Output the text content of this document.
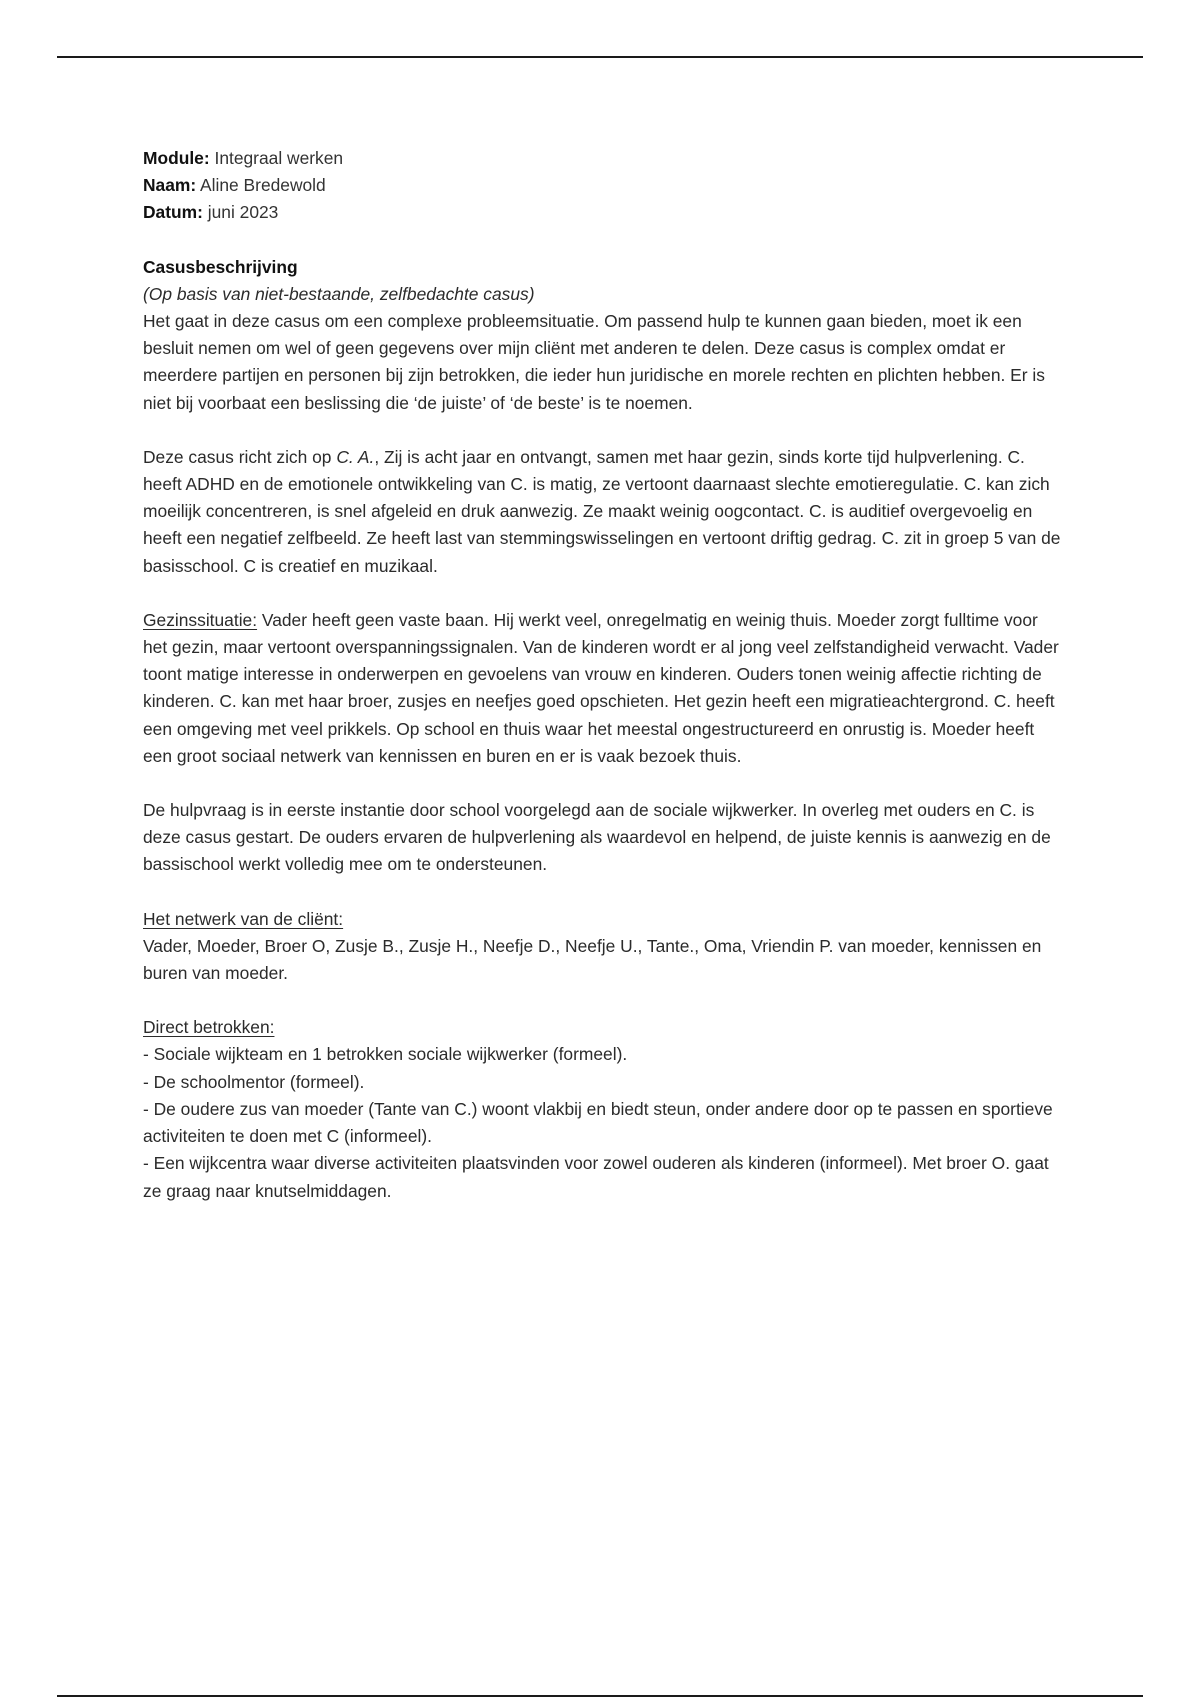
Module: Integraal werken

Naam: Aline Bredewold

Datum: juni 2023

Casusbeschrijving

(Op basis van niet-bestaande, zelfbedachte casus)

Het gaat in deze casus om een complexe probleemsituatie. Om passend hulp te kunnen gaan bieden, moet ik een besluit nemen om wel of geen gegevens over mijn cliënt met anderen te delen. Deze casus is complex omdat er meerdere partijen en personen bij zijn betrokken, die ieder hun juridische en morele rechten en plichten hebben. Er is niet bij voorbaat een beslissing die ‘de juiste’ of ‘de beste’ is te noemen.

Deze casus richt zich op C. A., Zij is acht jaar en ontvangt, samen met haar gezin, sinds korte tijd hulpverlening. C. heeft ADHD en de emotionele ontwikkeling van C. is matig, ze vertoont daarnaast slechte emotieregulatie. C. kan zich moeilijk concentreren, is snel afgeleid en druk aanwezig. Ze maakt weinig oogcontact. C. is auditief overgevoelig en heeft een negatief zelfbeeld. Ze heeft last van stemmingswisselingen en vertoont driftig gedrag. C. zit in groep 5 van de basisschool. C is creatief en muzikaal.

Gezinssituatie: Vader heeft geen vaste baan. Hij werkt veel, onregelmatig en weinig thuis. Moeder zorgt fulltime voor het gezin, maar vertoont overspanningssignalen. Van de kinderen wordt er al jong veel zelfstandigheid verwacht. Vader toont matige interesse in onderwerpen en gevoelens van vrouw en kinderen. Ouders tonen weinig affectie richting de kinderen. C. kan met haar broer, zusjes en neefjes goed opschieten. Het gezin heeft een migratieachtergrond. C. heeft een omgeving met veel prikkels. Op school en thuis waar het meestal ongestructureerd en onrustig is. Moeder heeft een groot sociaal netwerk van kennissen en buren en er is vaak bezoek thuis.

De hulpvraag is in eerste instantie door school voorgelegd aan de sociale wijkwerker. In overleg met ouders en C. is deze casus gestart. De ouders ervaren de hulpverlening als waardevol en helpend, de juiste kennis is aanwezig en de bassischool werkt volledig mee om te ondersteunen.

Het netwerk van de cliënt:

Vader, Moeder, Broer O, Zusje B., Zusje H., Neefje D., Neefje U., Tante., Oma, Vriendin P. van moeder, kennissen en buren van moeder.

Direct betrokken:

- Sociale wijkteam en 1 betrokken sociale wijkwerker (formeel).

- De schoolmentor (formeel).

- De oudere zus van moeder (Tante van C.) woont vlakbij en biedt steun, onder andere door op te passen en sportieve activiteiten te doen met C (informeel).

- Een wijkcentra waar diverse activiteiten plaatsvinden voor zowel ouderen als kinderen (informeel). Met broer O. gaat ze graag naar knutselmiddagen.
